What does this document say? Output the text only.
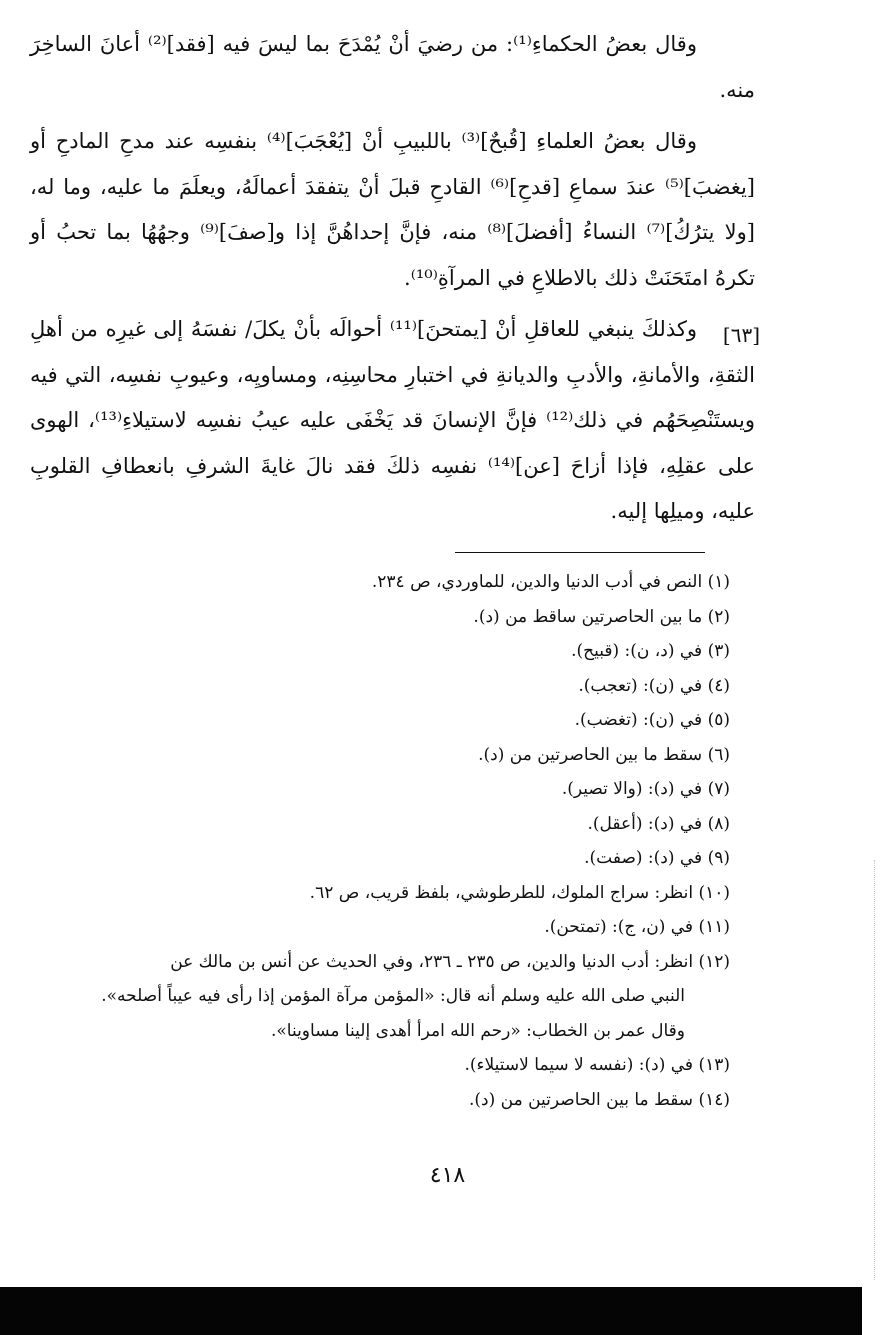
وقال بعضُ الحكماءِ⁽¹⁾: من رضيَ أنْ يُمْدَحَ بما ليسَ فيه [فقد]⁽²⁾ أعانَ الساخِرَ منه.

وقال بعضُ العلماءِ [قُبحٌ]⁽³⁾ باللبيبِ أنْ [يُعْجَبَ]⁽⁴⁾ بنفسِه عند مدحِ المادحِ أو [يغضبَ]⁽⁵⁾ عندَ سماعِ [قدحِ]⁽⁶⁾ القادحِ قبلَ أنْ يتفقدَ أعمالَهُ، ويعلَمَ ما عليه، وما له، [ولا يترُكُ]⁽⁷⁾ النساءُ [أفضلَ]⁽⁸⁾ منه، فإنَّ إحداهُنَّ إذا و[صفَ]⁽⁹⁾ وجهُهُا بما تحبُ أو تكرهُ امتَحَنَتْ ذلك بالاطلاعِ في المرآةِ⁽¹⁰⁾.

وكذلكَ ينبغي للعاقلِ أنْ [يمتحنَ]⁽¹¹⁾ أحوالَه بأنْ يكلَ/ نفسَهُ إلى غيرِه من أهلِ الثقةِ، والأمانةِ، والأدبِ والديانةِ في اختبارِ محاسِنِه، ومساويِه، وعيوبِ نفسِه، التي فيه ويستَنْصِحَهُم في ذلك⁽¹²⁾ فإنَّ الإنسانَ قد يَخْفَى عليه عيبُ نفسِه لاستيلاءِ⁽¹³⁾، الهوى على عقلِهِ، فإذا أزاحَ [عن]⁽¹⁴⁾ نفسِه ذلكَ فقد نالَ غايةَ الشرفِ بانعطافِ القلوبِ عليه، وميلِها إليه.

[٦٣]
(١) النص في أدب الدنيا والدين، للماوردي، ص ٢٣٤.
(٢) ما بين الحاصرتين ساقط من (د).
(٣) في (د، ن): (قبيح).
(٤) في (ن): (تعجب).
(٥) في (ن): (تغضب).
(٦) سقط ما بين الحاصرتين من (د).
(٧) في (د): (والا تصير).
(٨) في (د): (أعقل).
(٩) في (د): (صفت).
(١٠) انظر: سراج الملوك، للطرطوشي، بلفظ قريب، ص ٦٢.
(١١) في (ن، ج): (تمتحن).
(١٢) انظر: أدب الدنيا والدين، ص ٢٣٥ ـ ٢٣٦، وفي الحديث عن أنس بن مالك عن
النبي صلى الله عليه وسلم أنه قال: «المؤمن مرآة المؤمن إذا رأى فيه عيباً أصلحه».
وقال عمر بن الخطاب: «رحم الله امرأ أهدى إلينا مساوينا».
(١٣) في (د): (نفسه لا سيما لاستيلاء).
(١٤) سقط ما بين الحاصرتين من (د).
٤١٨
